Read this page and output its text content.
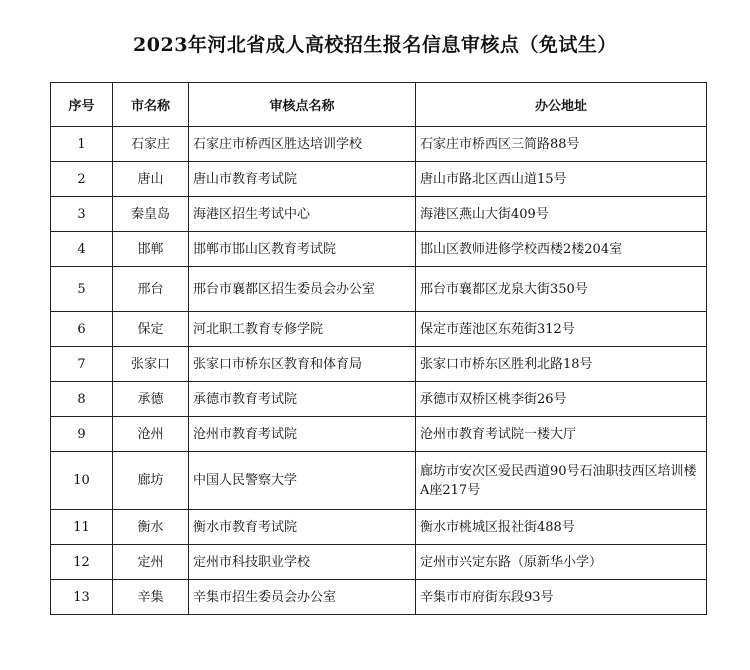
2023年河北省成人高校招生报名信息审核点（免试生）
序号	市名称	审核点名称	办公地址
1	石家庄	石家庄市桥西区胜达培训学校	石家庄市桥西区三简路88号
2	唐山	唐山市教育考试院	唐山市路北区西山道15号
3	秦皇岛	海港区招生考试中心	海港区燕山大街409号
4	邯郸	邯郸市邯山区教育考试院	邯山区教师进修学校西楼2楼204室
5	邢台	邢台市襄都区招生委员会办公室	邢台市襄都区龙泉大街350号
6	保定	河北职工教育专修学院	保定市莲池区东苑街312号
7	张家口	张家口市桥东区教育和体育局	张家口市桥东区胜利北路18号
8	承德	承德市教育考试院	承德市双桥区桃李街26号
9	沧州	沧州市教育考试院	沧州市教育考试院一楼大厅
10	廊坊	中国人民警察大学	廊坊市安次区爱民西道90号石油职技西区培训楼A座217号
11	衡水	衡水市教育考试院	衡水市桃城区报社街488号
12	定州	定州市科技职业学校	定州市兴定东路（原新华小学）
13	辛集	辛集市招生委员会办公室	辛集市市府街东段93号
